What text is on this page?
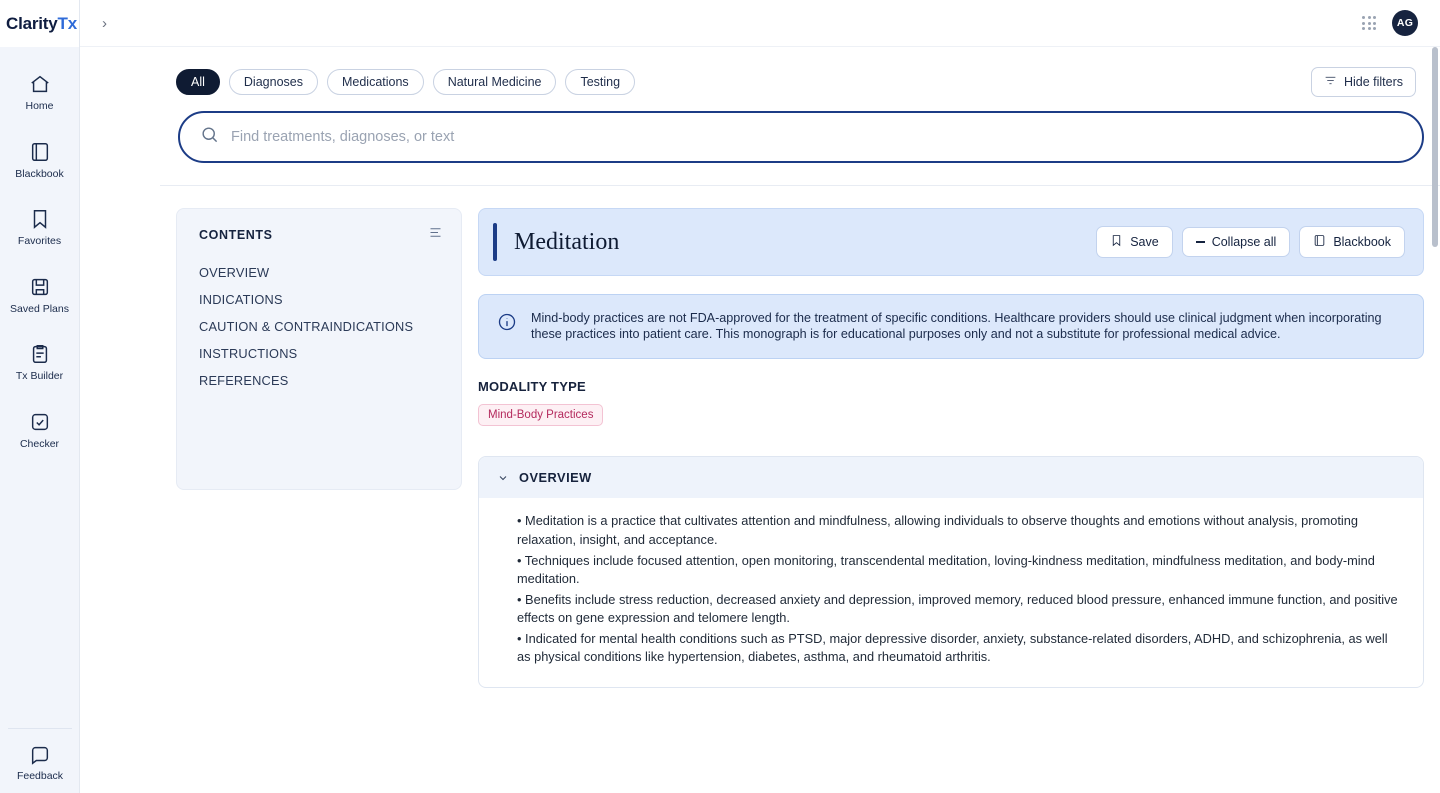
ClarityTx
Home
Blackbook
Favorites
Saved Plans
Tx Builder
Checker
Feedback
›	AG
All	Diagnoses	Medications	Natural Medicine	Testing	Hide filters
Find treatments, diagnoses, or text
CONTENTS
OVERVIEW
INDICATIONS
CAUTION & CONTRAINDICATIONS
INSTRUCTIONS
REFERENCES
Meditation	Save	Collapse all	Blackbook
Mind-body practices are not FDA-approved for the treatment of specific conditions. Healthcare providers should use clinical judgment when incorporating these practices into patient care. This monograph is for educational purposes only and not a substitute for professional medical advice.
MODALITY TYPE
Mind-Body Practices
OVERVIEW

• Meditation is a practice that cultivates attention and mindfulness, allowing individuals to observe thoughts and emotions without analysis, promoting relaxation, insight, and acceptance.

• Techniques include focused attention, open monitoring, transcendental meditation, loving-kindness meditation, mindfulness meditation, and body-mind meditation.

• Benefits include stress reduction, decreased anxiety and depression, improved memory, reduced blood pressure, enhanced immune function, and positive effects on gene expression and telomere length.

• Indicated for mental health conditions such as PTSD, major depressive disorder, anxiety, substance-related disorders, ADHD, and schizophrenia, as well as physical conditions like hypertension, diabetes, asthma, and rheumatoid arthritis.
